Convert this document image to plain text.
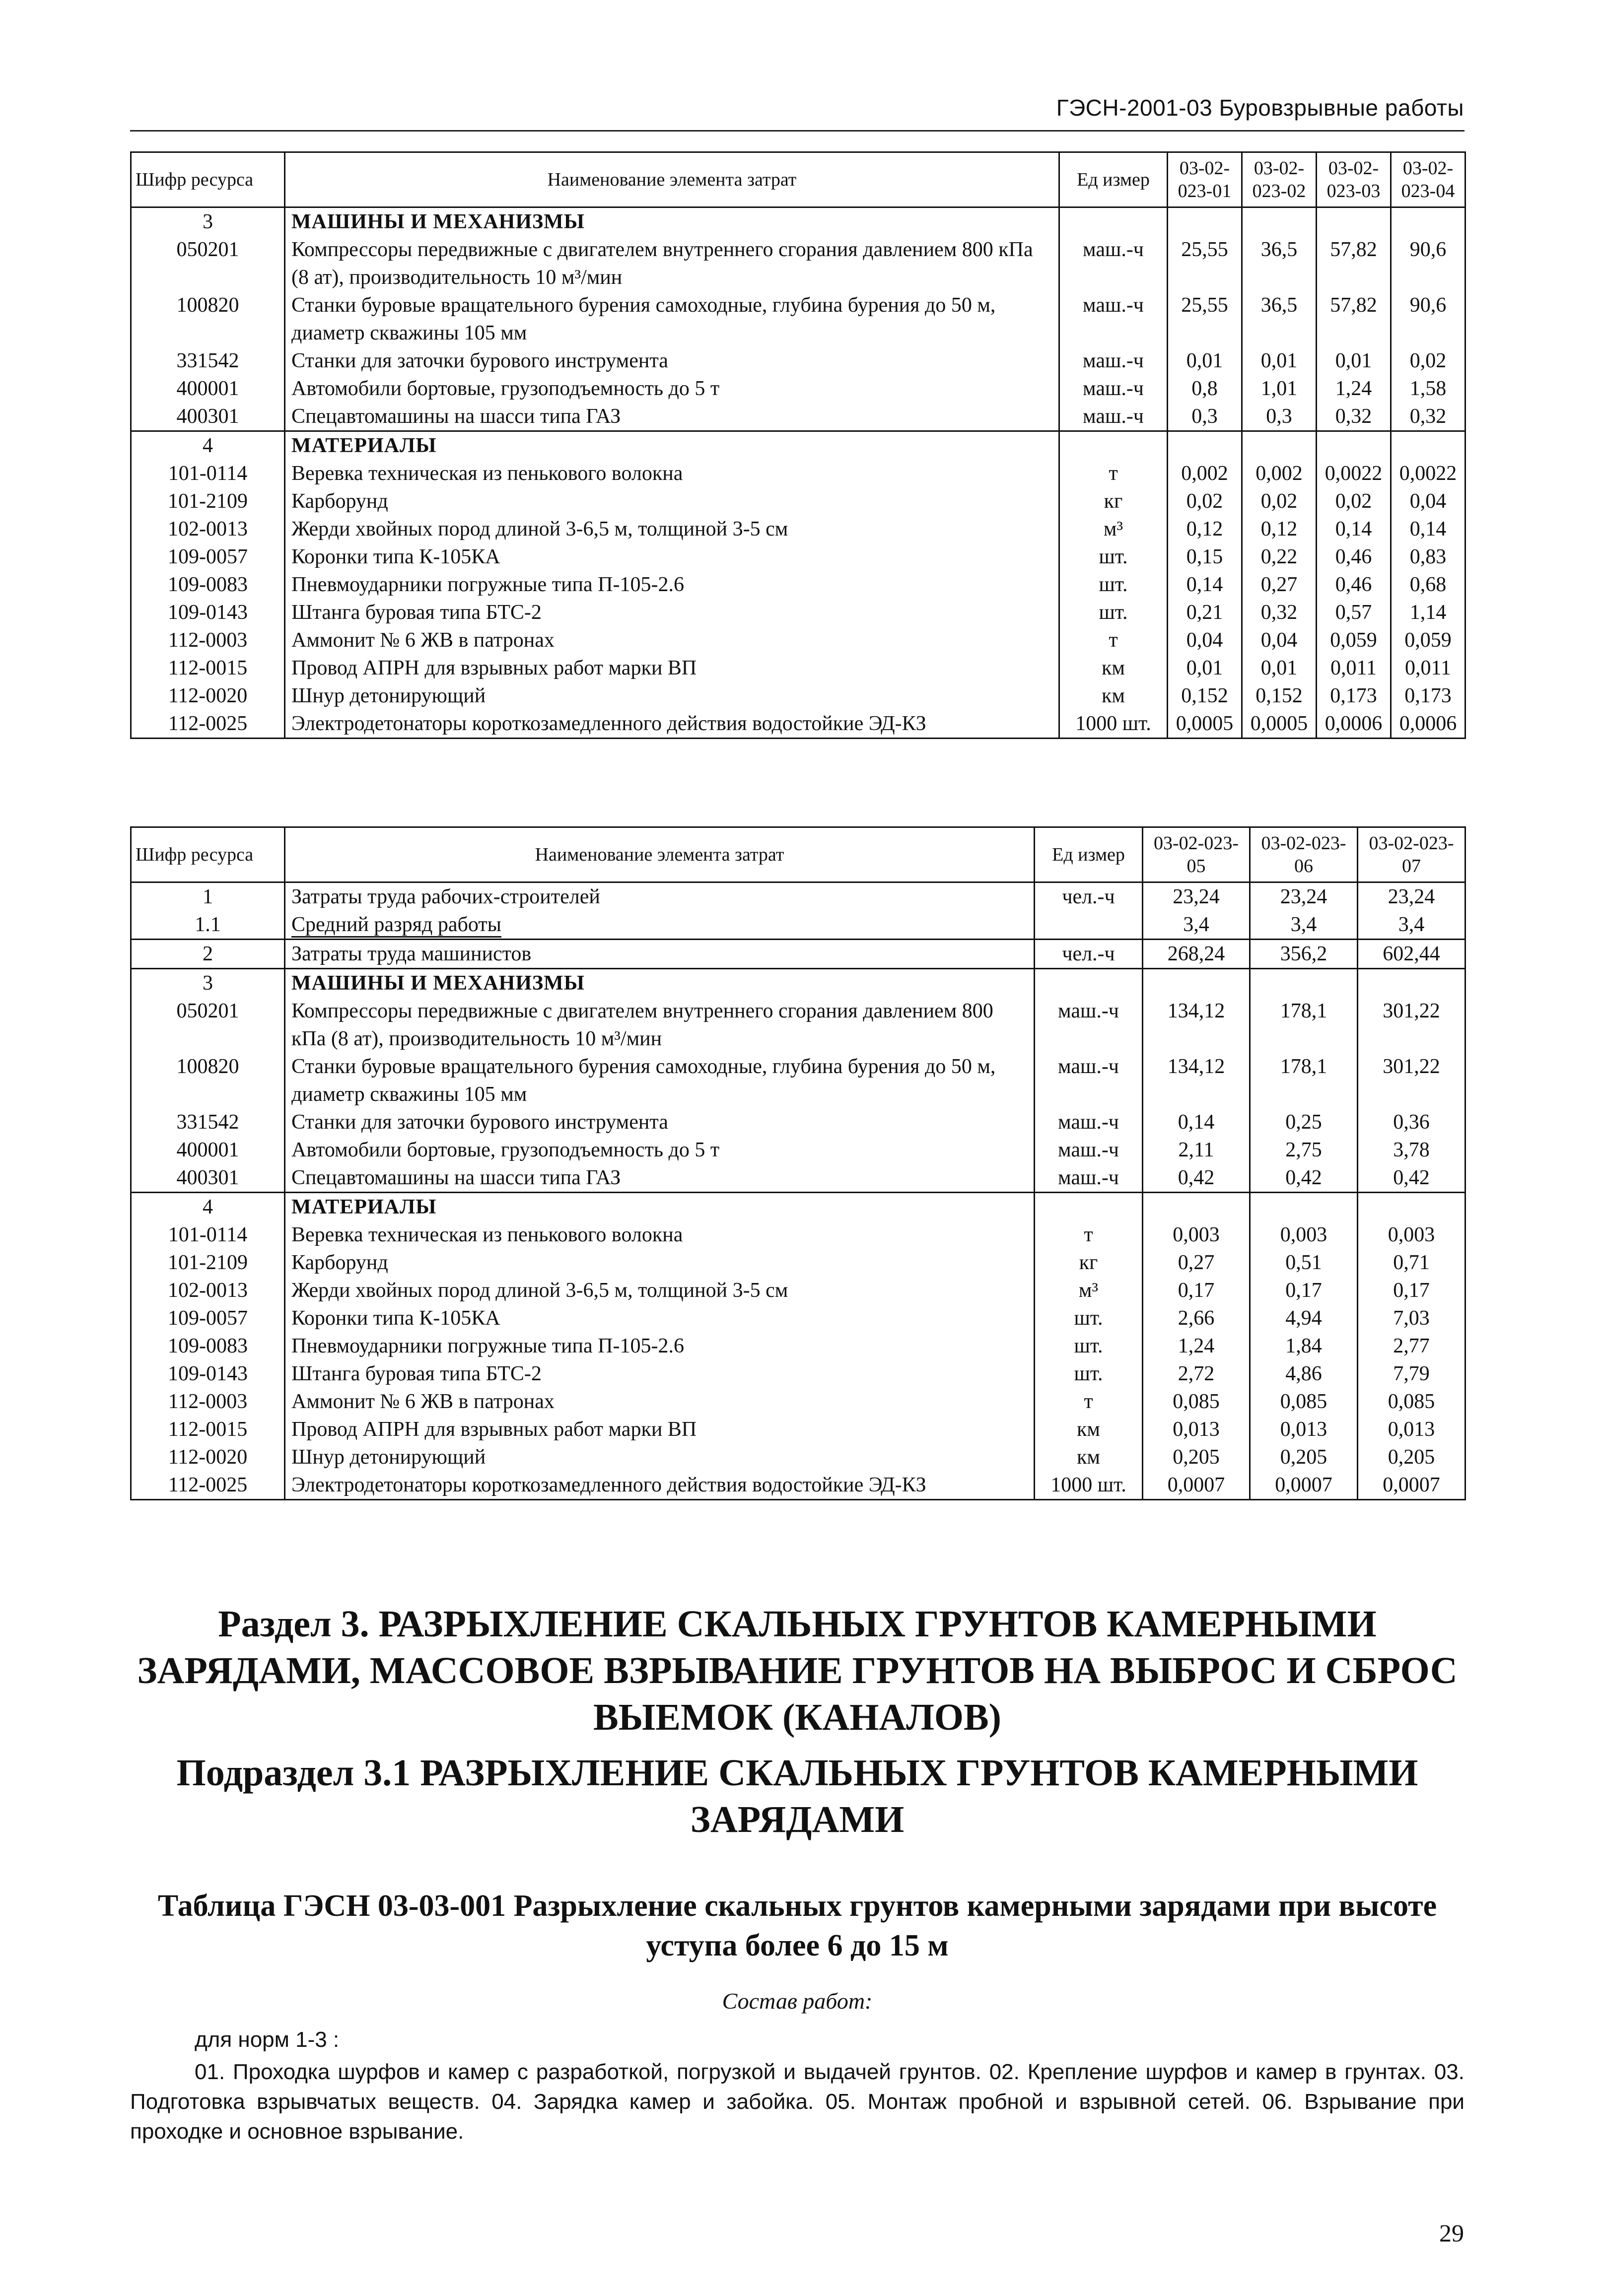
ГЭСН-2001-03 Буровзрывные работы
Шифр ресурса	Наименование элемента затрат	Ед измер	03-02-023-01	03-02-023-02	03-02-023-03	03-02-023-04
3	МАШИНЫ И МЕХАНИЗМЫ					
050201	Компрессоры передвижные с двигателем внутреннего сгорания давлением 800 кПа (8 ат), производительность 10 м³/мин	маш.-ч	25,55	36,5	57,82	90,6
100820	Станки буровые вращательного бурения самоходные, глубина бурения до 50 м, диаметр скважины 105 мм	маш.-ч	25,55	36,5	57,82	90,6
331542	Станки для заточки бурового инструмента	маш.-ч	0,01	0,01	0,01	0,02
400001	Автомобили бортовые, грузоподъемность до 5 т	маш.-ч	0,8	1,01	1,24	1,58
400301	Спецавтомашины на шасси типа ГАЗ	маш.-ч	0,3	0,3	0,32	0,32
4	МАТЕРИАЛЫ					
101-0114	Веревка техническая из пенькового волокна	т	0,002	0,002	0,0022	0,0022
101-2109	Карборунд	кг	0,02	0,02	0,02	0,04
102-0013	Жерди хвойных пород длиной 3-6,5 м, толщиной 3-5 см	м³	0,12	0,12	0,14	0,14
109-0057	Коронки типа К-105КА	шт.	0,15	0,22	0,46	0,83
109-0083	Пневмоударники погружные типа П-105-2.6	шт.	0,14	0,27	0,46	0,68
109-0143	Штанга буровая типа БТС-2	шт.	0,21	0,32	0,57	1,14
112-0003	Аммонит № 6 ЖВ в патронах	т	0,04	0,04	0,059	0,059
112-0015	Провод АПРН для взрывных работ марки ВП	км	0,01	0,01	0,011	0,011
112-0020	Шнур детонирующий	км	0,152	0,152	0,173	0,173
112-0025	Электродетонаторы короткозамедленного действия водостойкие ЭД-КЗ	1000 шт.	0,0005	0,0005	0,0006	0,0006
Шифр ресурса	Наименование элемента затрат	Ед измер	03-02-023-05	03-02-023-06	03-02-023-07
1	Затраты труда рабочих-строителей	чел.-ч	23,24	23,24	23,24
1.1	Средний разряд работы		3,4	3,4	3,4
2	Затраты труда машинистов	чел.-ч	268,24	356,2	602,44
3	МАШИНЫ И МЕХАНИЗМЫ				
050201	Компрессоры передвижные с двигателем внутреннего сгорания давлением 800 кПа (8 ат), производительность 10 м³/мин	маш.-ч	134,12	178,1	301,22
100820	Станки буровые вращательного бурения самоходные, глубина бурения до 50 м, диаметр скважины 105 мм	маш.-ч	134,12	178,1	301,22
331542	Станки для заточки бурового инструмента	маш.-ч	0,14	0,25	0,36
400001	Автомобили бортовые, грузоподъемность до 5 т	маш.-ч	2,11	2,75	3,78
400301	Спецавтомашины на шасси типа ГАЗ	маш.-ч	0,42	0,42	0,42
4	МАТЕРИАЛЫ				
101-0114	Веревка техническая из пенькового волокна	т	0,003	0,003	0,003
101-2109	Карборунд	кг	0,27	0,51	0,71
102-0013	Жерди хвойных пород длиной 3-6,5 м, толщиной 3-5 см	м³	0,17	0,17	0,17
109-0057	Коронки типа К-105КА	шт.	2,66	4,94	7,03
109-0083	Пневмоударники погружные типа П-105-2.6	шт.	1,24	1,84	2,77
109-0143	Штанга буровая типа БТС-2	шт.	2,72	4,86	7,79
112-0003	Аммонит № 6 ЖВ в патронах	т	0,085	0,085	0,085
112-0015	Провод АПРН для взрывных работ марки ВП	км	0,013	0,013	0,013
112-0020	Шнур детонирующий	км	0,205	0,205	0,205
112-0025	Электродетонаторы короткозамедленного действия водостойкие ЭД-КЗ	1000 шт.	0,0007	0,0007	0,0007
Раздел 3. РАЗРЫХЛЕНИЕ СКАЛЬНЫХ ГРУНТОВ КАМЕРНЫМИ ЗАРЯДАМИ, МАССОВОЕ ВЗРЫВАНИЕ ГРУНТОВ НА ВЫБРОС И СБРОС ВЫЕМОК (КАНАЛОВ)
Подраздел 3.1 РАЗРЫХЛЕНИЕ СКАЛЬНЫХ ГРУНТОВ КАМЕРНЫМИ ЗАРЯДАМИ
Таблица ГЭСН 03-03-001 Разрыхление скальных грунтов камерными зарядами при высоте уступа более 6 до 15 м
Состав работ:
для норм 1-3 :
01. Проходка шурфов и камер с разработкой, погрузкой и выдачей грунтов. 02. Крепление шурфов и камер в грунтах. 03. Подготовка взрывчатых веществ. 04. Зарядка камер и забойка. 05. Монтаж пробной и взрывной сетей. 06. Взрывание при проходке и основное взрывание.
29
